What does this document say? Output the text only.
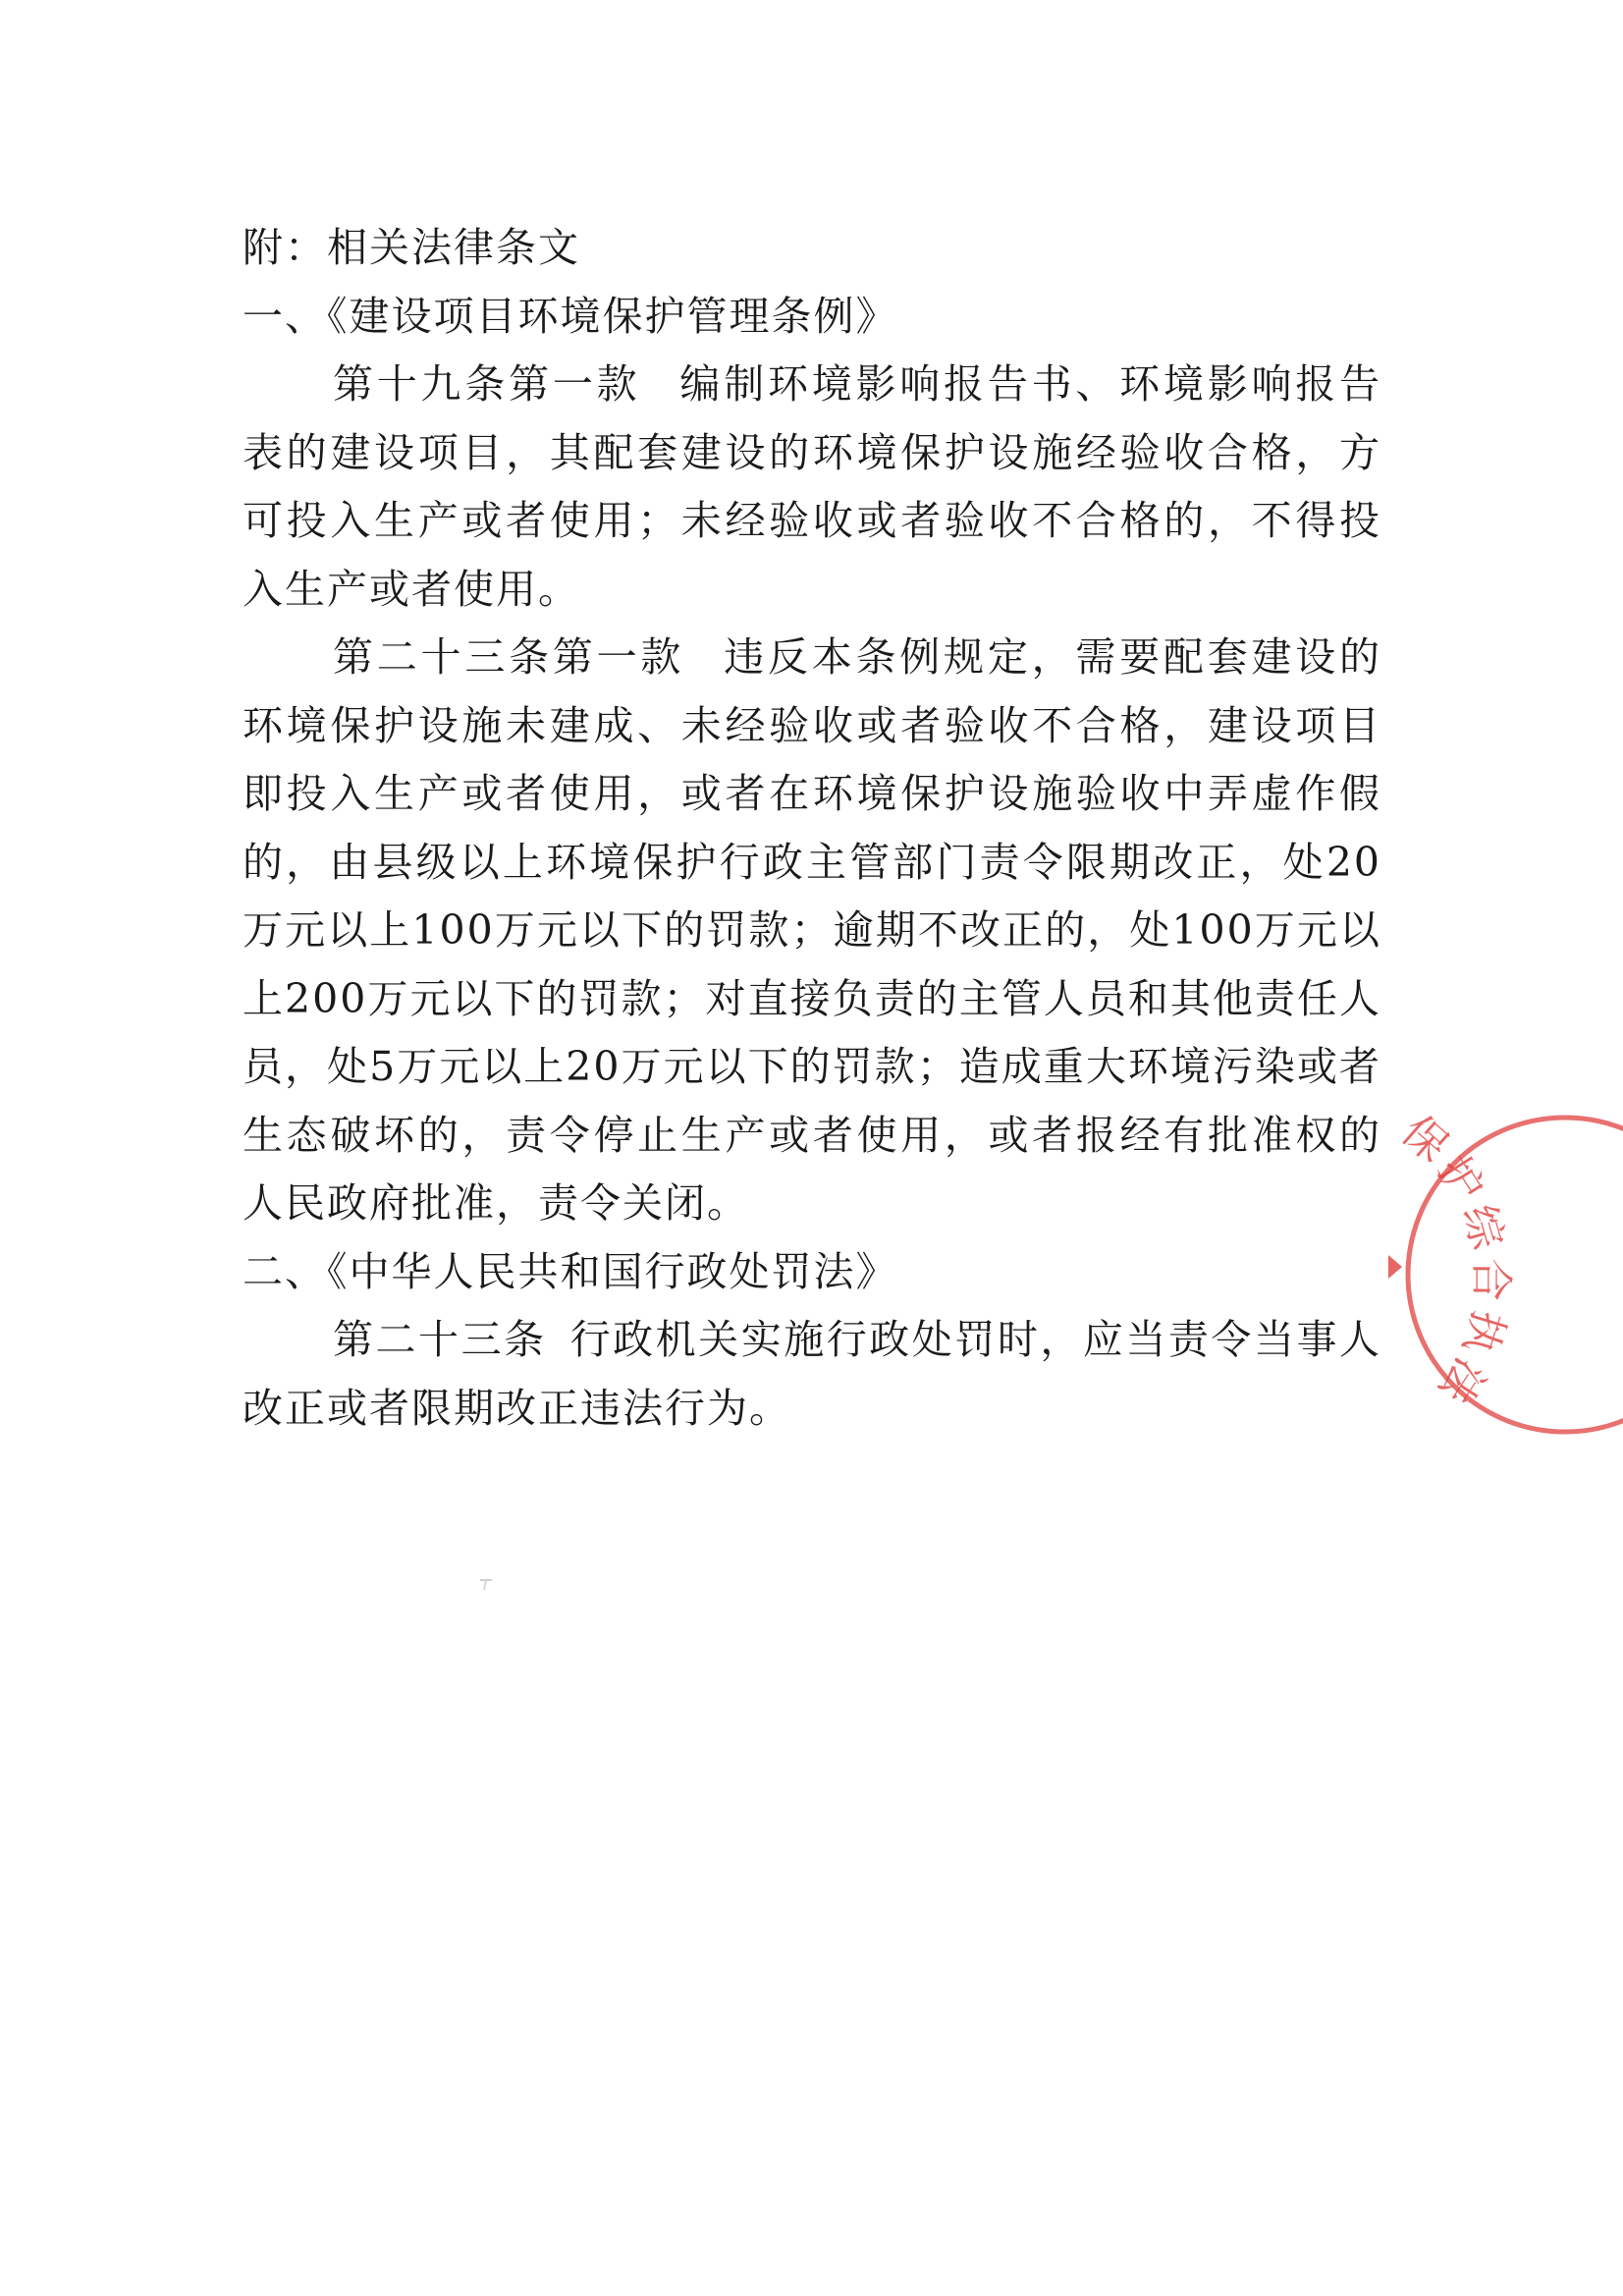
附：相关法律条文

一、《建设项目环境保护管理条例》

第十九条第一款 编制环境影响报告书、环境影响报告表的建设项目，其配套建设的环境保护设施经验收合格，方可投入生产或者使用；未经验收或者验收不合格的，不得投入生产或者使用。

第二十三条第一款 违反本条例规定，需要配套建设的环境保护设施未建成、未经验收或者验收不合格，建设项目即投入生产或者使用，或者在环境保护设施验收中弄虚作假的，由县级以上环境保护行政主管部门责令限期改正，处20万元以上100万元以下的罚款；逾期不改正的，处100万元以上200万元以下的罚款；对直接负责的主管人员和其他责任人员，处5万元以上20万元以下的罚款；造成重大环境污染或者生态破坏的，责令停止生产或者使用，或者报经有批准权的人民政府批准，责令关闭。

二、《中华人民共和国行政处罚法》

第二十三条 行政机关实施行政处罚时，应当责令当事人改正或者限期改正违法行为。

保护综合执法
